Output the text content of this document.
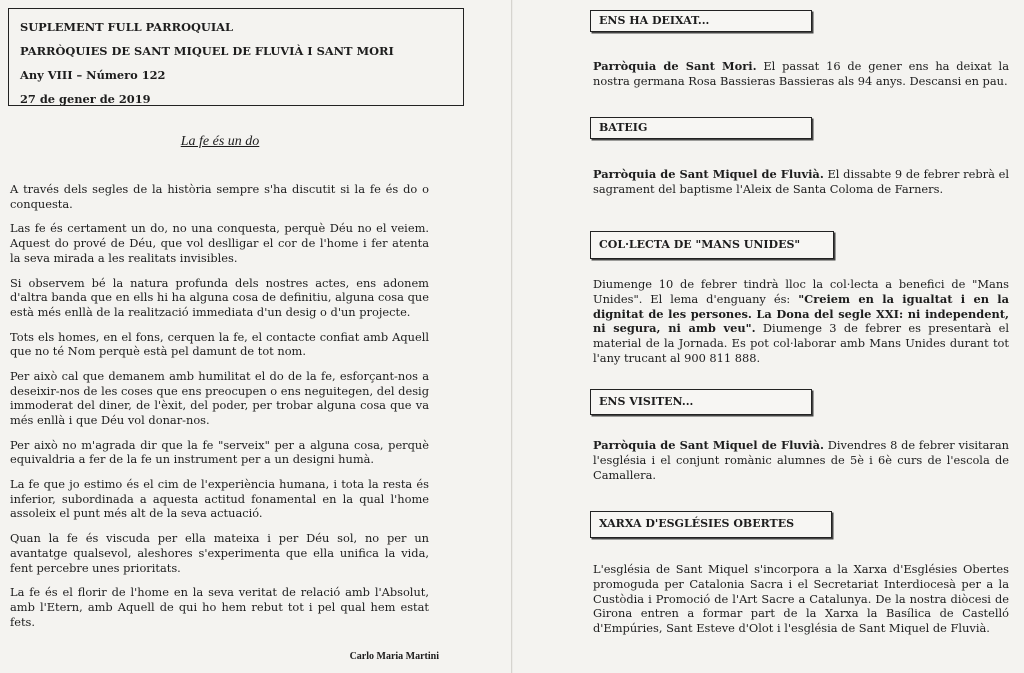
SUPLEMENT FULL PARROQUIAL
PARRÒQUIES DE SANT MIQUEL DE FLUVIÀ I SANT MORI
Any VIII – Número 122
27 de gener de 2019
La fe és un do

A través dels segles de la història sempre s'ha discutit si la fe és do o conquesta.

Las fe és certament un do, no una conquesta, perquè Déu no el veiem. Aquest do prové de Déu, que vol deslligar el cor de l'home i fer atenta la seva mirada a les realitats invisibles.

Si observem bé la natura profunda dels nostres actes, ens adonem d'altra banda que en ells hi ha alguna cosa de definitiu, alguna cosa que està més enllà de la realització immediata d'un desig o d'un projecte.

Tots els homes, en el fons, cerquen la fe, el contacte confiat amb Aquell que no té Nom perquè està pel damunt de tot nom.

Per això cal que demanem amb humilitat el do de la fe, esforçant-nos a deseixir-nos de les coses que ens preocupen o ens neguitegen, del desig immoderat del diner, de l'èxit, del poder, per trobar alguna cosa que va més enllà i que Déu vol donar-nos.

Per això no m'agrada dir que la fe "serveix" per a alguna cosa, perquè equivaldria a fer de la fe un instrument per a un designi humà.

La fe que jo estimo és el cim de l'experiència humana, i tota la resta és inferior, subordinada a aquesta actitud fonamental en la qual l'home assoleix el punt més alt de la seva actuació.

Quan la fe és viscuda per ella mateixa i per Déu sol, no per un avantatge qualsevol, aleshores s'experimenta que ella unifica la vida, fent percebre unes prioritats.

La fe és el florir de l'home en la seva veritat de relació amb l'Absolut, amb l'Etern, amb Aquell de qui ho hem rebut tot i pel qual hem estat fets.

Carlo Maria Martini
ENS HA DEIXAT...
Parròquia de Sant Mori. El passat 16 de gener ens ha deixat la nostra germana Rosa Bassieras Bassieras als 94 anys. Descansi en pau.
BATEIG
Parròquia de Sant Miquel de Fluvià. El dissabte 9 de febrer rebrà el sagrament del baptisme l'Aleix de Santa Coloma de Farners.
COL·LECTA DE "MANS UNIDES"
Diumenge 10 de febrer tindrà lloc la col·lecta a benefici de "Mans Unides". El lema d'enguany és: "Creiem en la igualtat i en la dignitat de les persones. La Dona del segle XXI: ni independent, ni segura, ni amb veu". Diumenge 3 de febrer es presentarà el material de la Jornada. Es pot col·laborar amb Mans Unides durant tot l'any trucant al 900 811 888.
ENS VISITEN...
Parròquia de Sant Miquel de Fluvià. Divendres 8 de febrer visitaran l'església i el conjunt romànic alumnes de 5è i 6è curs de l'escola de Camallera.
XARXA D'ESGLÉSIES OBERTES
L'església de Sant Miquel s'incorpora a la Xarxa d'Esglésies Obertes promoguda per Catalonia Sacra i el Secretariat Interdiocesà per a la Custòdia i Promoció de l'Art Sacre a Catalunya. De la nostra diòcesi de Girona entren a formar part de la Xarxa la Basílica de Castelló d'Empúries, Sant Esteve d'Olot i l'església de Sant Miquel de Fluvià.
